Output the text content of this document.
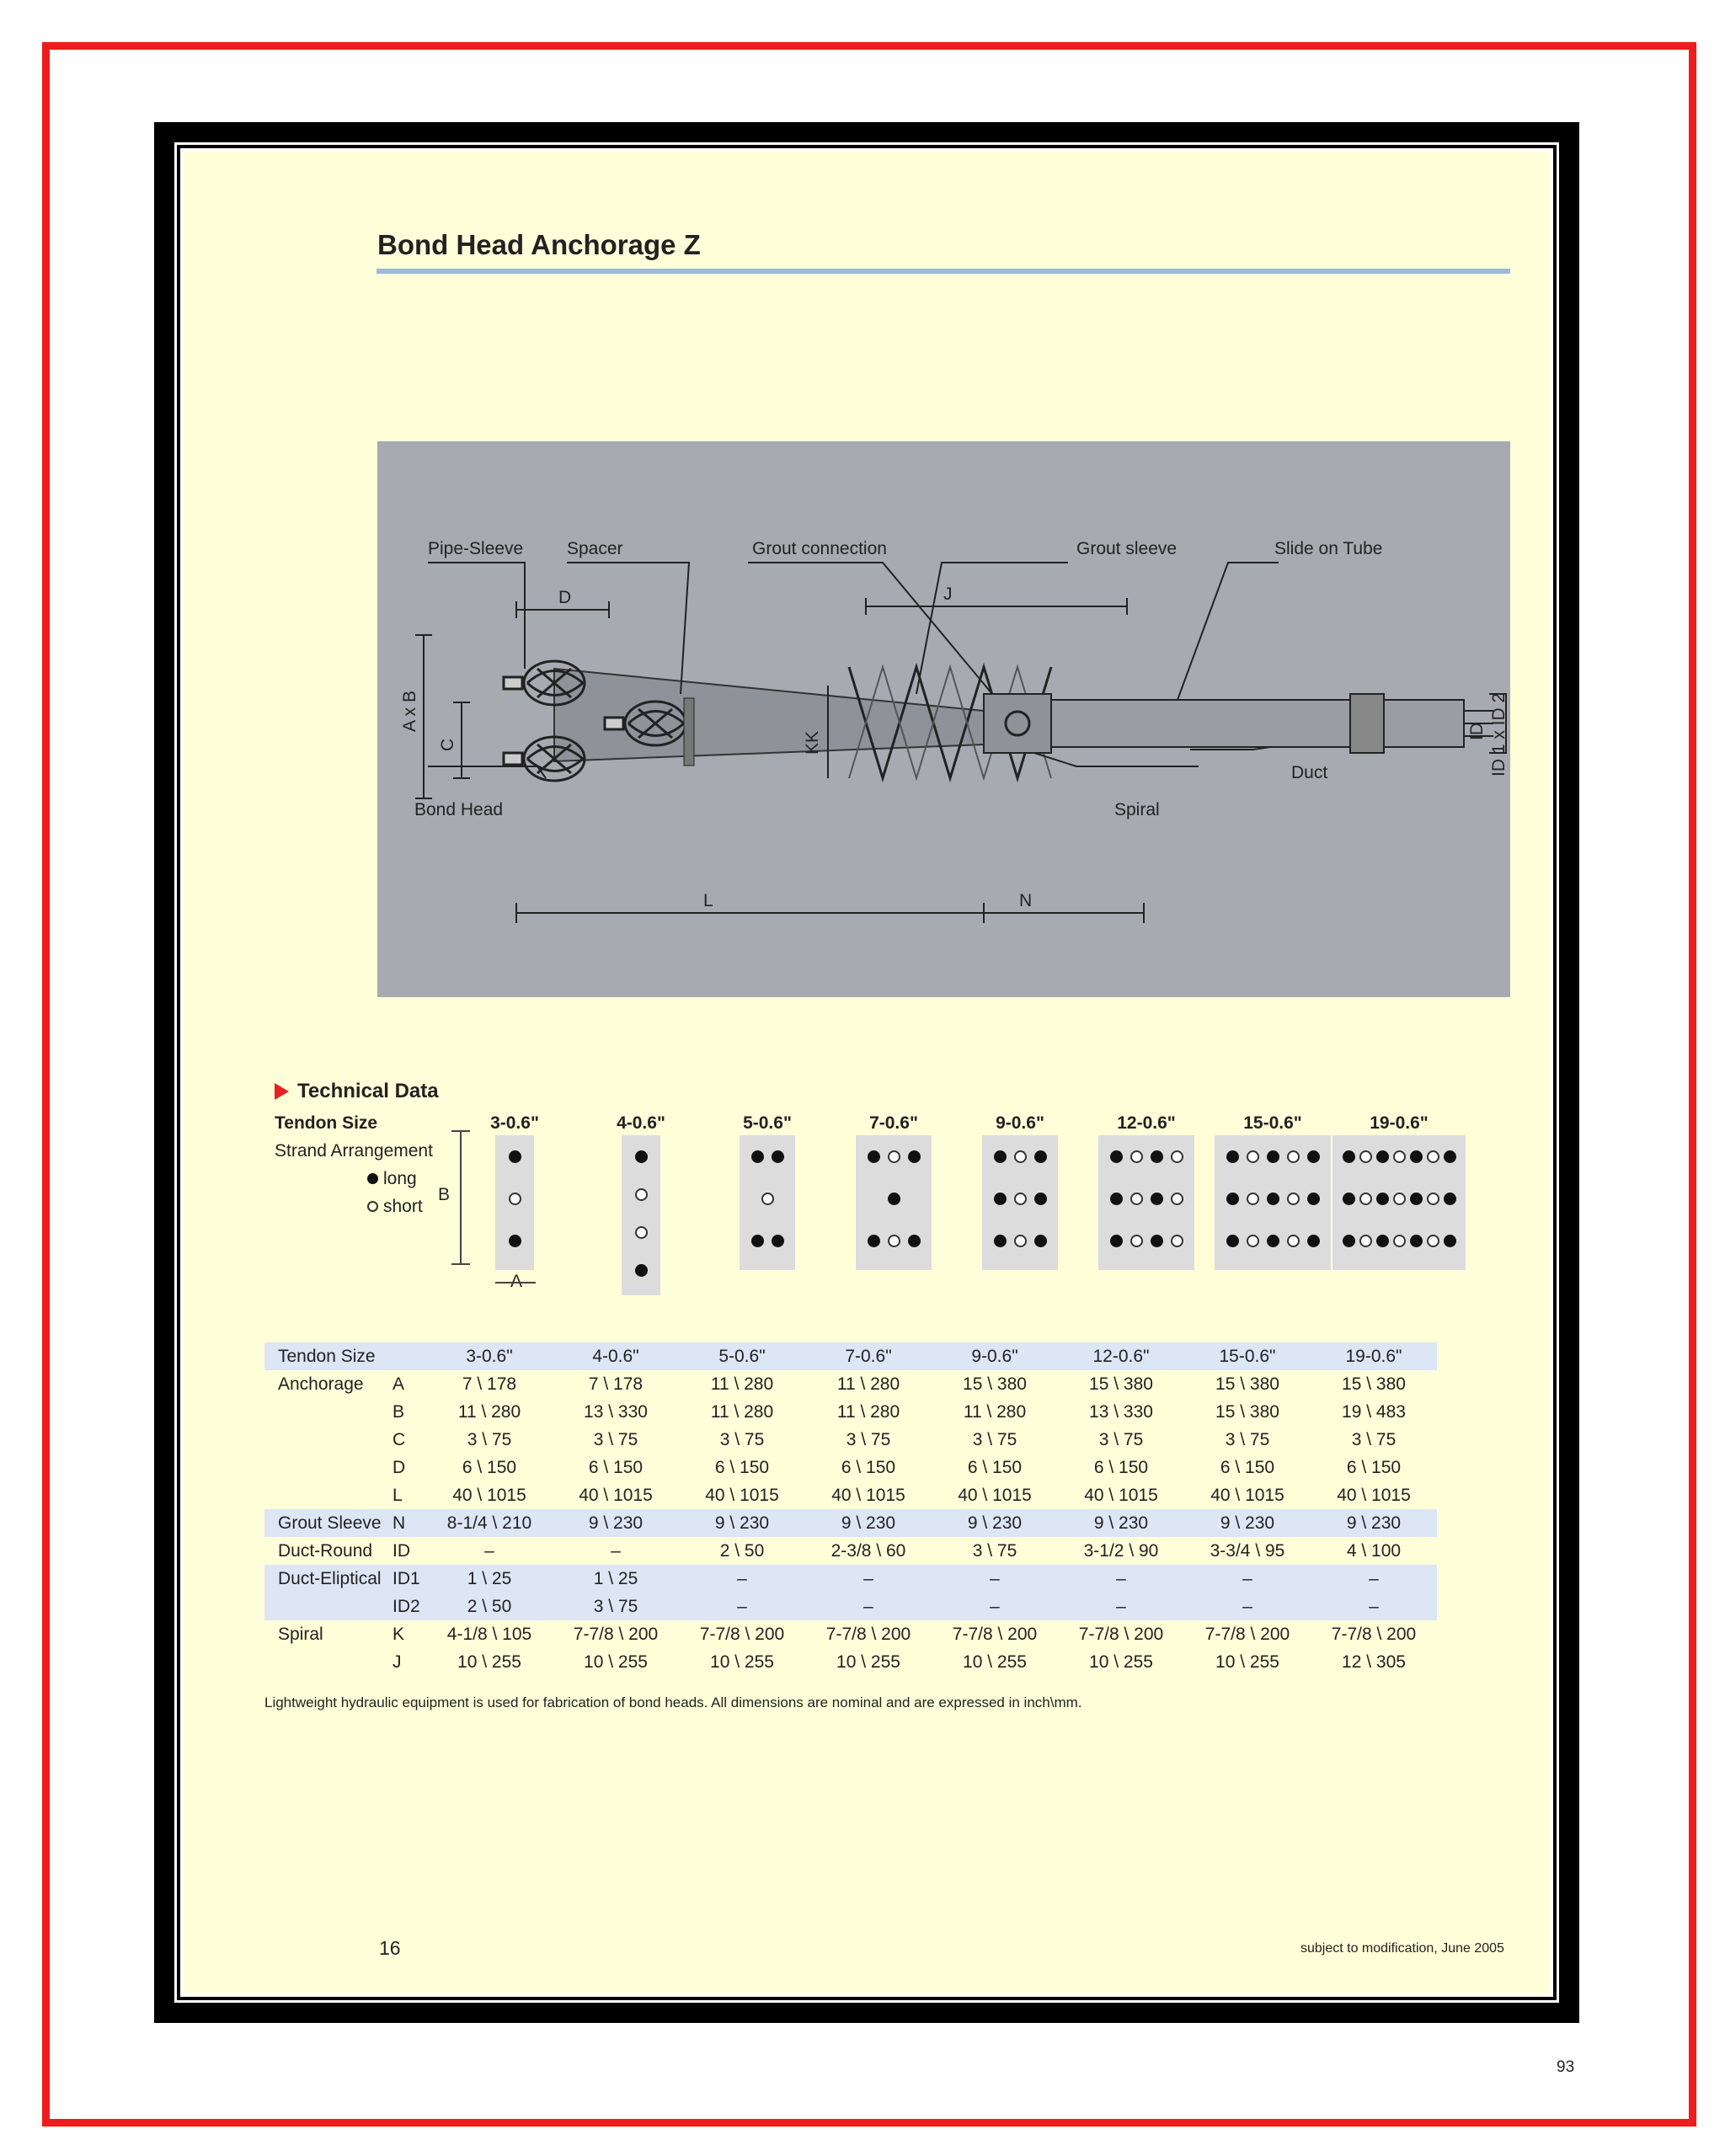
93
Bond Head Anchorage Z
Pipe-Sleeve Spacer	Grout connection	Grout sleeve	Slide on Tube
D	J
A x B
C	KK
Bond Head	Spiral
Duct
L	N
ID ID 1 x ID 2
Technical Data
Tendon Size
Strand Arrangement
long
short
B
3-0.6"	4-0.6"	5-0.6"	7-0.6"	9-0.6"	12-0.6"	15-0.6"	19-0.6"
Tendon Size		3-0.6"	4-0.6"	5-0.6"	7-0.6"	9-0.6"	12-0.6"	15-0.6"	19-0.6"
Anchorage	A	7 \ 178	7 \ 178	11 \ 280	11 \ 280	15 \ 380	15 \ 380	15 \ 380	15 \ 380
	B	11 \ 280	13 \ 330	11 \ 280	11 \ 280	11 \ 280	13 \ 330	15 \ 380	19 \ 483
	C	3 \ 75	3 \ 75	3 \ 75	3 \ 75	3 \ 75	3 \ 75	3 \ 75	3 \ 75
	D	6 \ 150	6 \ 150	6 \ 150	6 \ 150	6 \ 150	6 \ 150	6 \ 150	6 \ 150
	L	40 \ 1015	40 \ 1015	40 \ 1015	40 \ 1015	40 \ 1015	40 \ 1015	40 \ 1015	40 \ 1015
Grout Sleeve	N	8-1/4 \ 210	9 \ 230	9 \ 230	9 \ 230	9 \ 230	9 \ 230	9 \ 230	9 \ 230
Duct-Round	ID	–	–	2 \ 50	2-3/8 \ 60	3 \ 75	3-1/2 \ 90	3-3/4 \ 95	4 \ 100
Duct-Eliptical	ID1	1 \ 25	1 \ 25	–	–	–	–	–	–
	ID2	2 \ 50	3 \ 75	–	–	–	–	–	–
Spiral	K	4-1/8 \ 105	7-7/8 \ 200	7-7/8 \ 200	7-7/8 \ 200	7-7/8 \ 200	7-7/8 \ 200	7-7/8 \ 200	7-7/8 \ 200
	J	10 \ 255	10 \ 255	10 \ 255	10 \ 255	10 \ 255	10 \ 255	10 \ 255	12 \ 305
Lightweight hydraulic equipment is used for fabrication of bond heads. All dimensions are nominal and are expressed in inch\mm.
16	subject to modification, June 2005
